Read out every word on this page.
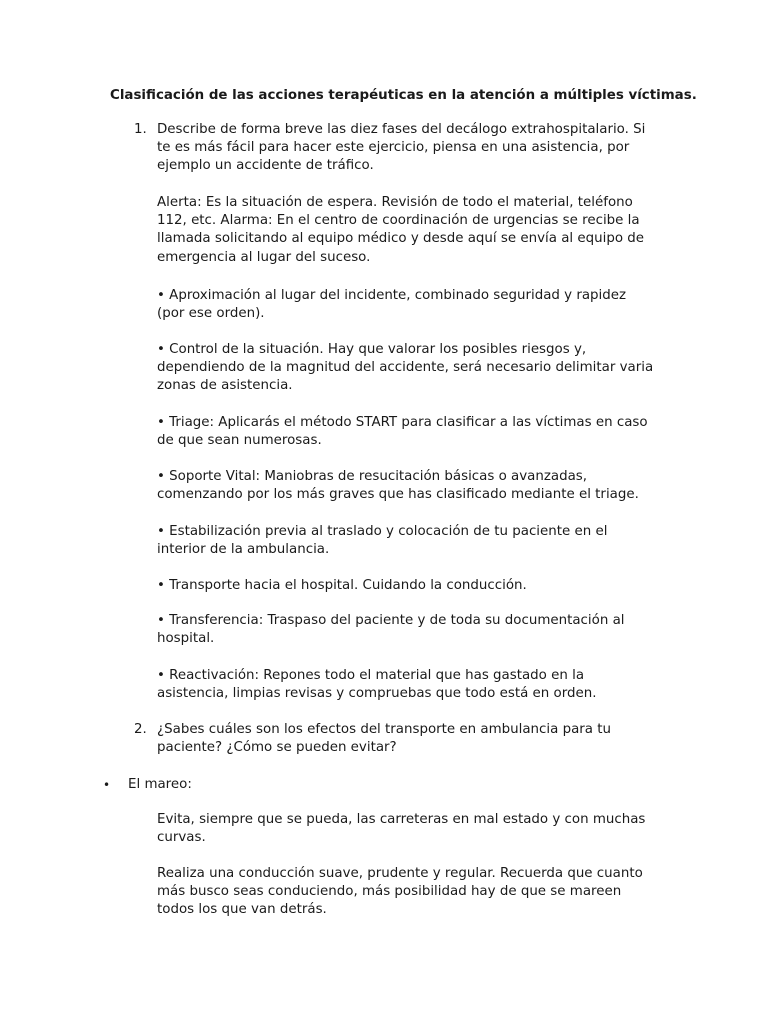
Clasificación de las acciones terapéuticas en la atención a múltiples víctimas.
1. Describe de forma breve las diez fases del decálogo extrahospitalario. Si te es más fácil para hacer este ejercicio, piensa en una asistencia, por ejemplo un accidente de tráfico.
Alerta: Es la situación de espera. Revisión de todo el material, teléfono 112, etc. Alarma: En el centro de coordinación de urgencias se recibe la llamada solicitando al equipo médico y desde aquí se envía al equipo de emergencia al lugar del suceso.
• Aproximación al lugar del incidente, combinado seguridad y rapidez (por ese orden).
• Control de la situación. Hay que valorar los posibles riesgos y, dependiendo de la magnitud del accidente, será necesario delimitar varia zonas de asistencia.
• Triage: Aplicarás el método START para clasificar a las víctimas en caso de que sean numerosas.
• Soporte Vital: Maniobras de resucitación básicas o avanzadas, comenzando por los más graves que has clasificado mediante el triage.
• Estabilización previa al traslado y colocación de tu paciente en el interior de la ambulancia.
• Transporte hacia el hospital. Cuidando la conducción.
• Transferencia: Traspaso del paciente y de toda su documentación al hospital.
• Reactivación: Repones todo el material que has gastado en la asistencia, limpias revisas y compruebas que todo está en orden.
2. ¿Sabes cuáles son los efectos del transporte en ambulancia para tu paciente? ¿Cómo se pueden evitar?
•	El mareo:
Evita, siempre que se pueda, las carreteras en mal estado y con muchas curvas.
Realiza una conducción suave, prudente y regular. Recuerda que cuanto más busco seas conduciendo, más posibilidad hay de que se mareen todos los que van detrás.
